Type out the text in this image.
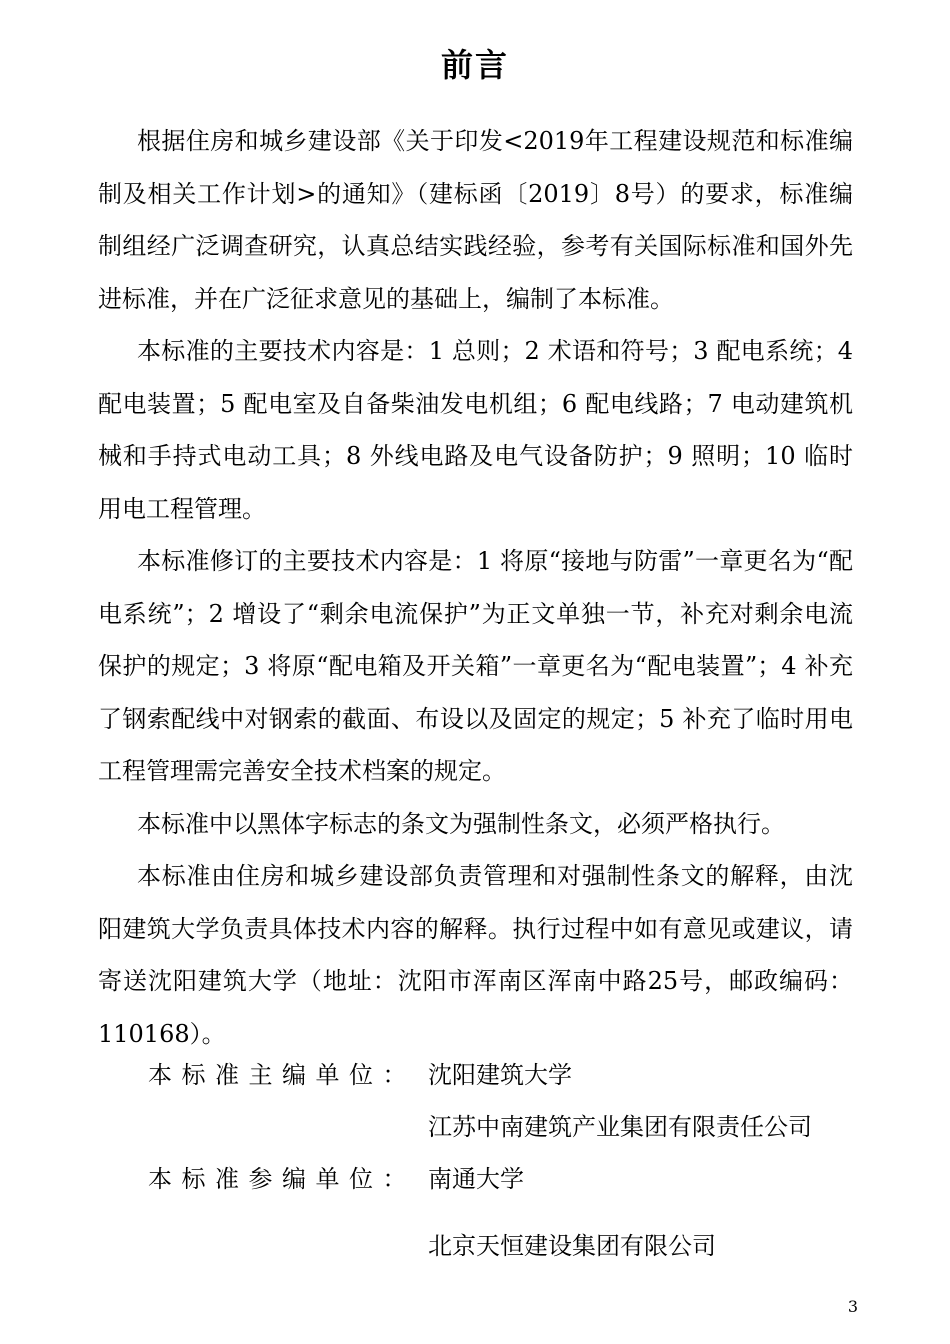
前言

根据住房和城乡建设部《关于印发<2019年工程建设规范和标准编制及相关工作计划>的通知》（建标函〔2019〕8号）的要求，标准编制组经广泛调查研究，认真总结实践经验，参考有关国际标准和国外先进标准，并在广泛征求意见的基础上，编制了本标准。

本标准的主要技术内容是：1 总则；2 术语和符号；3 配电系统；4 配电装置；5 配电室及自备柴油发电机组；6 配电线路；7 电动建筑机械和手持式电动工具；8 外线电路及电气设备防护；9 照明；10 临时用电工程管理。

本标准修订的主要技术内容是：1 将原“接地与防雷”一章更名为“配电系统”；2 增设了“剩余电流保护”为正文单独一节，补充对剩余电流保护的规定；3 将原“配电箱及开关箱”一章更名为“配电装置”；4 补充了钢索配线中对钢索的截面、布设以及固定的规定；5 补充了临时用电工程管理需完善安全技术档案的规定。

本标准中以黑体字标志的条文为强制性条文，必须严格执行。

本标准由住房和城乡建设部负责管理和对强制性条文的解释，由沈阳建筑大学负责具体技术内容的解释。执行过程中如有意见或建议，请寄送沈阳建筑大学（地址：沈阳市浑南区浑南中路25号，邮政编码：110168）。

本标准主编单位： 沈阳建筑大学
江苏中南建筑产业集团有限责任公司
本标准参编单位： 南通大学
北京天恒建设集团有限公司
3
